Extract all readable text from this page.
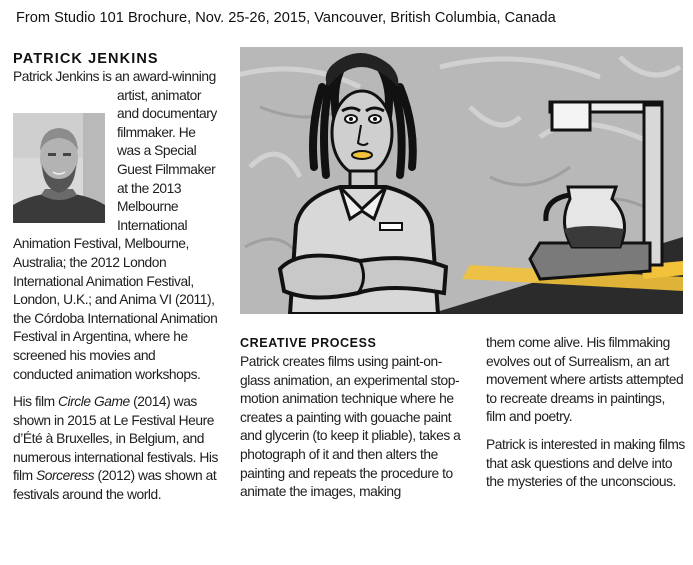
From Studio 101 Brochure, Nov. 25-26, 2015, Vancouver, British Columbia, Canada

PATRICK JENKINS

Patrick Jenkins is an award-
winning artist, animator and documentary filmmaker. He was a Special Guest Filmmaker at the 2013 Melbourne International Animation Festival, Melbourne, Australia; the 2012 London International Animation Festival, London, U.K.; and Anima VI (2011), the Córdoba International Animation Festival in Argentina, where he screened his movies and conducted animation workshops.

His film Circle Game (2014) was shown in 2015 at Le Festival Heure d’Été à Bruxelles, in Belgium, and numerous international festivals. His film Sorceress (2012) was shown at festivals around the world.

CREATIVE PROCESS

Patrick creates films using paint-on-glass animation, an experimental stop-motion animation technique where he creates a painting with gouache paint and glycerin (to keep it pliable), takes a photograph of it and then alters the painting and repeats the procedure to animate the images, making

them come alive. His filmmaking evolves out of Surrealism, an art movement where artists attempted to recreate dreams in paintings, film and poetry.

Patrick is interested in making films that ask questions and delve into the mysteries of the unconscious.
